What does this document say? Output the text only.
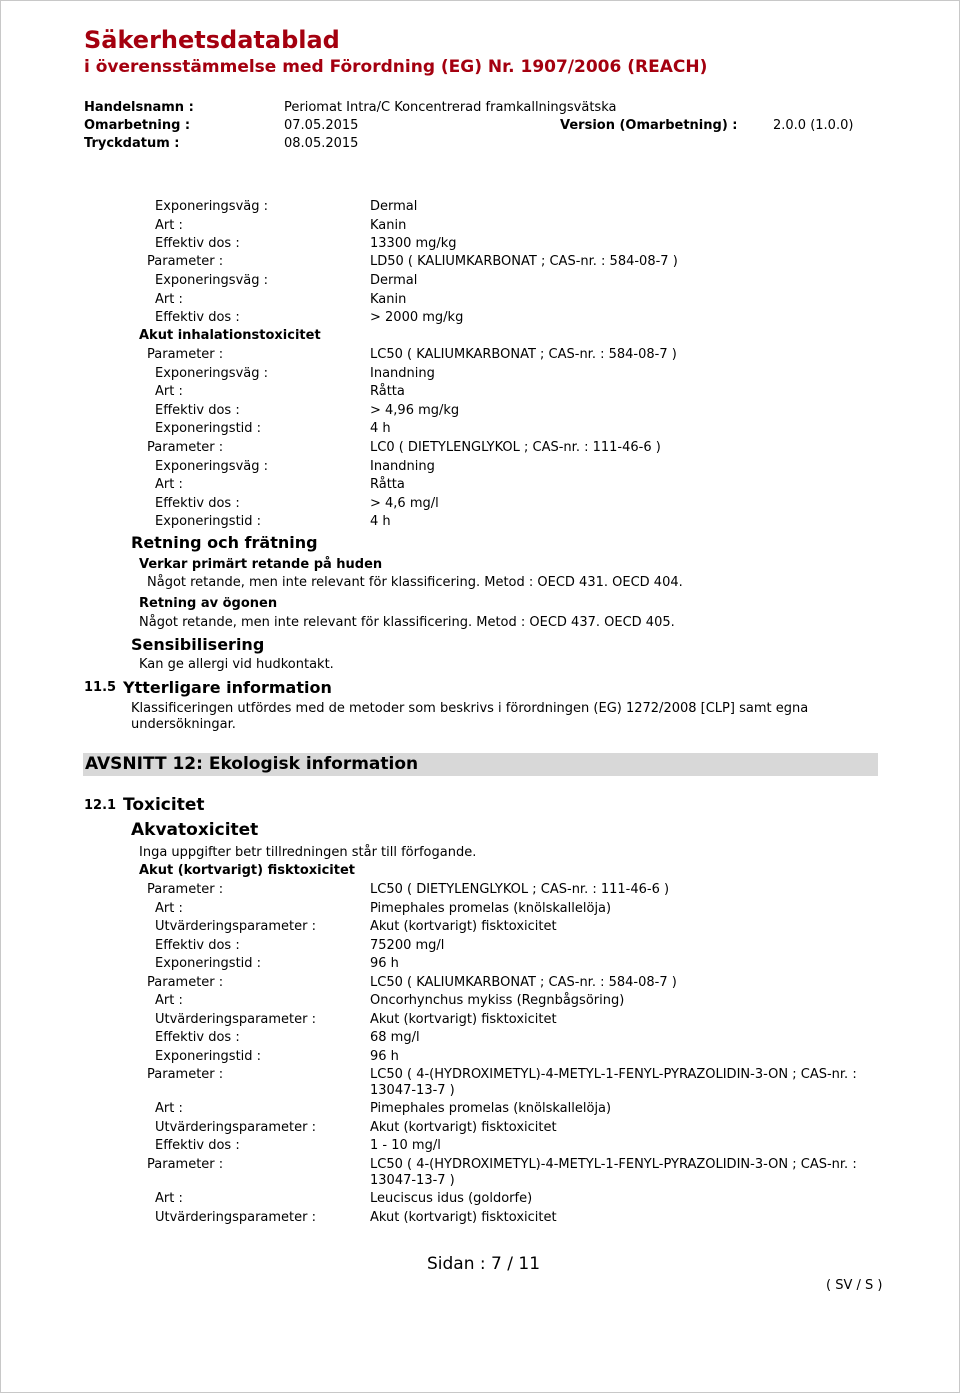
Säkerhetsdatablad
i överensstämmelse med Förordning (EG) Nr. 1907/2006 (REACH)
Handelsnamn :	Periomat Intra/C Koncentrerad framkallningsvätska
Omarbetning :	07.05.2015	Version (Omarbetning) :	2.0.0 (1.0.0)
Tryckdatum :	08.05.2015
Exponeringsväg :	Dermal
Art :	Kanin
Effektiv dos :	13300 mg/kg
Parameter :	LD50 ( KALIUMKARBONAT ; CAS-nr. : 584-08-7 )
Exponeringsväg :	Dermal
Art :	Kanin
Effektiv dos :	> 2000 mg/kg
Akut inhalationstoxicitet
Parameter :	LC50 ( KALIUMKARBONAT ; CAS-nr. : 584-08-7 )
Exponeringsväg :	Inandning
Art :	Råtta
Effektiv dos :	> 4,96 mg/kg
Exponeringstid :	4 h
Parameter :	LC0 ( DIETYLENGLYKOL ; CAS-nr. : 111-46-6 )
Exponeringsväg :	Inandning
Art :	Råtta
Effektiv dos :	> 4,6 mg/l
Exponeringstid :	4 h
Retning och frätning
Verkar primärt retande på huden
Något retande, men inte relevant för klassificering. Metod : OECD 431. OECD 404.
Retning av ögonen
Något retande, men inte relevant för klassificering. Metod : OECD 437. OECD 405.
Sensibilisering
Kan ge allergi vid hudkontakt.
11.5 Ytterligare information
Klassificeringen utfördes med de metoder som beskrivs i förordningen (EG) 1272/2008 [CLP] samt egna undersökningar.
AVSNITT 12: Ekologisk information
12.1 Toxicitet
Akvatoxicitet
Inga uppgifter betr tillredningen står till förfogande.
Akut (kortvarigt) fisktoxicitet
Parameter :	LC50 ( DIETYLENGLYKOL ; CAS-nr. : 111-46-6 )
Art :	Pimephales promelas (knölskallelöja)
Utvärderingsparameter :	Akut (kortvarigt) fisktoxicitet
Effektiv dos :	75200 mg/l
Exponeringstid :	96 h
Parameter :	LC50 ( KALIUMKARBONAT ; CAS-nr. : 584-08-7 )
Art :	Oncorhynchus mykiss (Regnbågsöring)
Utvärderingsparameter :	Akut (kortvarigt) fisktoxicitet
Effektiv dos :	68 mg/l
Exponeringstid :	96 h
Parameter :	LC50 ( 4-(HYDROXIMETYL)-4-METYL-1-FENYL-PYRAZOLIDIN-3-ON ; CAS-nr. : 13047-13-7 )
Art :	Pimephales promelas (knölskallelöja)
Utvärderingsparameter :	Akut (kortvarigt) fisktoxicitet
Effektiv dos :	1 - 10 mg/l
Parameter :	LC50 ( 4-(HYDROXIMETYL)-4-METYL-1-FENYL-PYRAZOLIDIN-3-ON ; CAS-nr. : 13047-13-7 )
Art :	Leuciscus idus (goldorfe)
Utvärderingsparameter :	Akut (kortvarigt) fisktoxicitet
Sidan : 7 / 11
( SV / S )
